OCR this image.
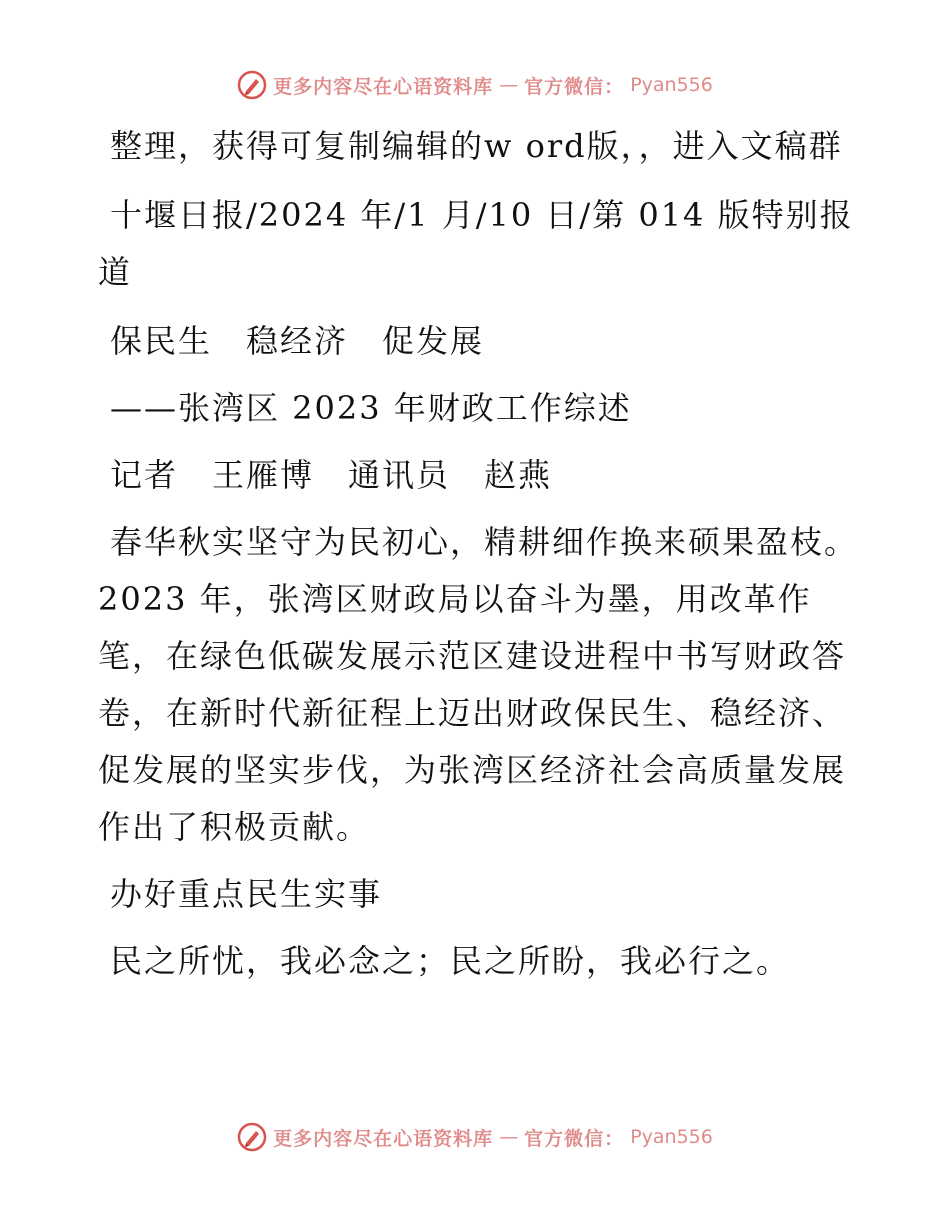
更多内容尽在心语资料库 — 官方微信： Pyan556

整理，获得可复制编辑的w ord版，，进入文稿群

十堰日报/2024 年/1 月/10 日/第 014 版特别报道

保民生　稳经济　促发展

——张湾区 2023 年财政工作综述

记者　王雁博　通讯员　赵燕

春华秋实坚守为民初心，精耕细作换来硕果盈枝。2023 年，张湾区财政局以奋斗为墨，用改革作笔，在绿色低碳发展示范区建设进程中书写财政答卷，在新时代新征程上迈出财政保民生、稳经济、促发展的坚实步伐，为张湾区经济社会高质量发展作出了积极贡献。

办好重点民生实事

民之所忧，我必念之；民之所盼，我必行之。

更多内容尽在心语资料库 — 官方微信： Pyan556
